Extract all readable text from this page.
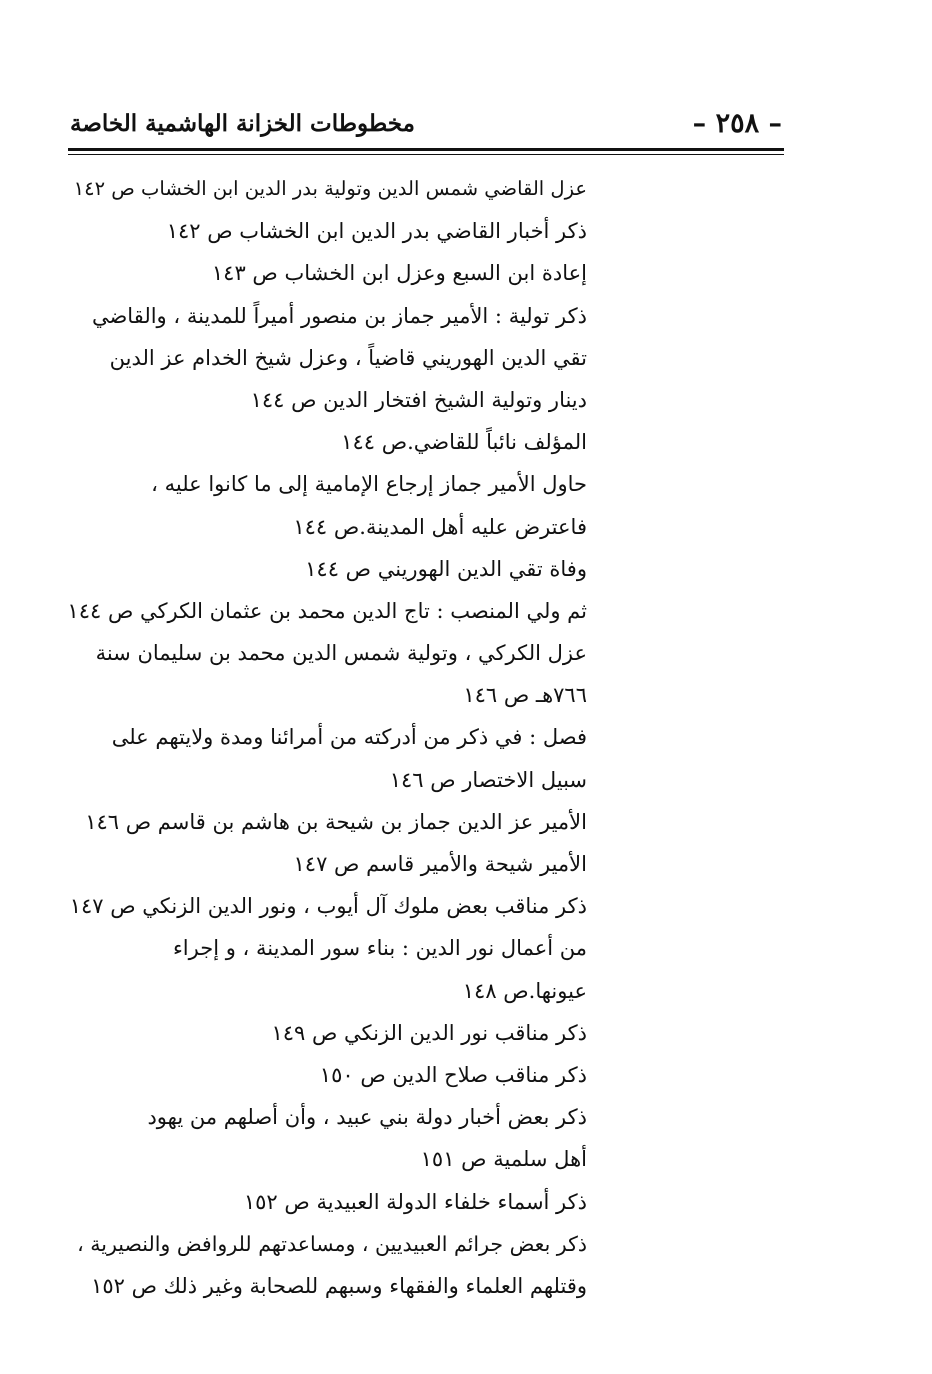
– ٢٥٨ –
مخطوطات الخزانة الهاشمية الخاصة
عزل القاضي شمس الدين وتولية بدر الدين ابن الخشاب ص ١٤٢
ذكر أخبار القاضي بدر الدين ابن الخشاب ص ١٤٢
إعادة ابن السبع وعزل ابن الخشاب ص ١٤٣
ذكر تولية : الأمير جماز بن منصور أميراً للمدينة ، والقاضي
تقي الدين الهوريني قاضياً ، وعزل شيخ الخدام عز الدين
دينار وتولية الشيخ افتخار الدين ص ١٤٤
المؤلف نائباً للقاضي.ص ١٤٤
حاول الأمير جماز إرجاع الإمامية إلى ما كانوا عليه ،
فاعترض عليه أهل المدينة.ص ١٤٤
وفاة تقي الدين الهوريني ص ١٤٤
ثم ولي المنصب : تاج الدين محمد بن عثمان الكركي ص ١٤٤
عزل الكركي ، وتولية شمس الدين محمد بن سليمان سنة
٧٦٦هـ ص ١٤٦
فصل : في ذكر من أدركته من أمرائنا ومدة ولايتهم على
سبيل الاختصار ص ١٤٦
الأمير عز الدين جماز بن شيحة بن هاشم بن قاسم ص ١٤٦
الأمير شيحة والأمير قاسم ص ١٤٧
ذكر مناقب بعض ملوك آل أيوب ، ونور الدين الزنكي ص ١٤٧
من أعمال نور الدين : بناء سور المدينة ، و إجراء
عيونها.ص ١٤٨
ذكر مناقب نور الدين الزنكي ص ١٤٩
ذكر مناقب صلاح الدين ص ١٥٠
ذكر بعض أخبار دولة بني عبيد ، وأن أصلهم من يهود
أهل سلمية ص ١٥١
ذكر أسماء خلفاء الدولة العبيدية ص ١٥٢
ذكر بعض جرائم العبيديين ، ومساعدتهم للروافض والنصيرية ،
وقتلهم العلماء والفقهاء وسبهم للصحابة وغير ذلك ص ١٥٢
